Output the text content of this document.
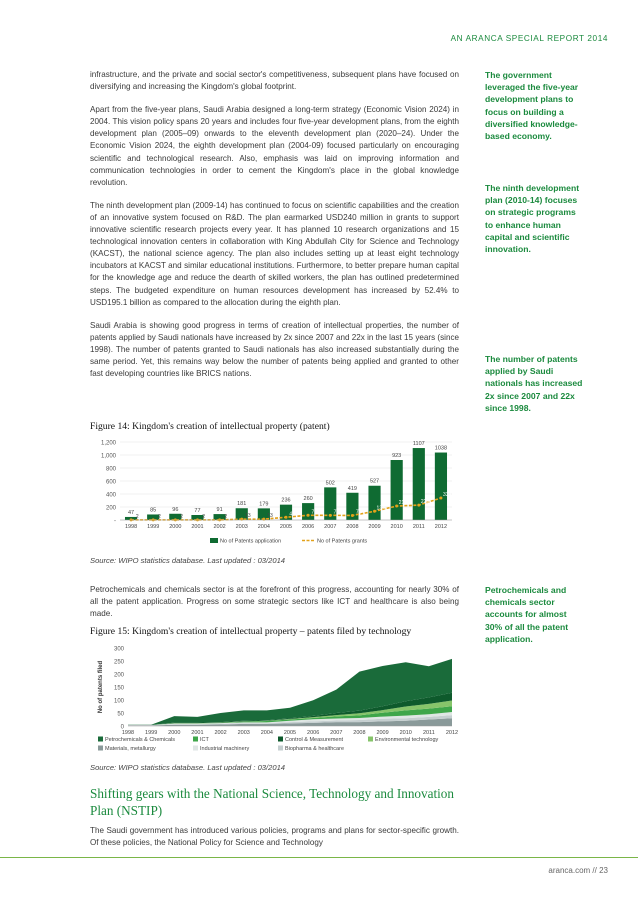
AN ARANCA SPECIAL REPORT 2014

infrastructure, and the private and social sector's competitiveness, subsequent plans have focused on diversifying and increasing the Kingdom's global footprint.

Apart from the five-year plans, Saudi Arabia designed a long-term strategy (Economic Vision 2024) in 2004. This vision policy spans 20 years and includes four five-year development plans, from the eighth development plan (2005–09) onwards to the eleventh development plan (2020–24). Under the Economic Vision 2024, the eighth development plan (2004-09) focused particularly on encouraging scientific and technological research. Also, emphasis was laid on improving information and communication technologies in order to cement the Kingdom's place in the global knowledge revolution.

The ninth development plan (2009-14) has continued to focus on scientific capabilities and the creation of an innovative system focused on R&D. The plan earmarked USD240 million in grants to support innovative scientific research projects every year. It has planned 10 research organizations and 15 technological innovation centers in collaboration with King Abdullah City for Science and Technology (KACST), the national science agency. The plan also includes setting up at least eight technology incubators at KACST and similar educational institutions. Furthermore, to better prepare human capital for the knowledge age and reduce the dearth of skilled workers, the plan has outlined predetermined steps. The budgeted expenditure on human resources development has increased by 52.4% to USD195.1 billion as compared to the allocation during the eighth plan.

Saudi Arabia is showing good progress in terms of creation of intellectual properties, the number of patents applied by Saudi nationals have increased by 2x since 2007 and 22x in the last 15 years (since 1998). The number of patents granted to Saudi nationals has also increased substantially during the same period. Yet, this remains way below the number of patents being applied and granted to other fast developing countries like BRICS nations.

The government leveraged the five-year development plans to focus on building a diversified knowledge-based economy.
The ninth development plan (2010-14) focuses on strategic programs to enhance human capital and scientific innovation.
The number of patents applied by Saudi nationals has increased 2x since 2007 and 22x since 1998.
Petrochemicals and chemicals sector accounts for almost 30% of all the patent application.
Figure 14: Kingdom's creation of intellectual property (patent)
-
200
400
600
800
1,000
1,200
47	85	96	77	91
181 179
236 260
502
419
527
923
1107
1038
2	2	2	2	2	13	13	42	73	72	70
134
215	229
339
1998 1999 2000 2001 2002 2003 2004 2005 2006 2007 2008 2009 2010 2011 2012
No of Patents application	No of Patents grants
Source: WIPO statistics database. Last updated : 03/2014

Petrochemicals and chemicals sector is at the forefront of this progress, accounting for nearly 30% of all the patent application. Progress on some strategic sectors like ICT and healthcare is also being made.

Figure 15: Kingdom's creation of intellectual property – patents filed by technology
0
50
100
150
200
250
300
No of patents filed
1998 1999 2000 2001 2002 2003 2004 2005 2006 2007 2008 2009 2010 2011 2012
Petrochemicals & Chemicals	ICT	Control & Measurement	Environmental technology
Materials, metallurgy	Industrial machinery	Biopharma & healthcare
Source: WIPO statistics database. Last updated : 03/2014
Shifting gears with the National Science, Technology and Innovation Plan (NSTIP)

The Saudi government has introduced various policies, programs and plans for sector-specific growth. Of these policies, the National Policy for Science and Technology

aranca.com // 23
